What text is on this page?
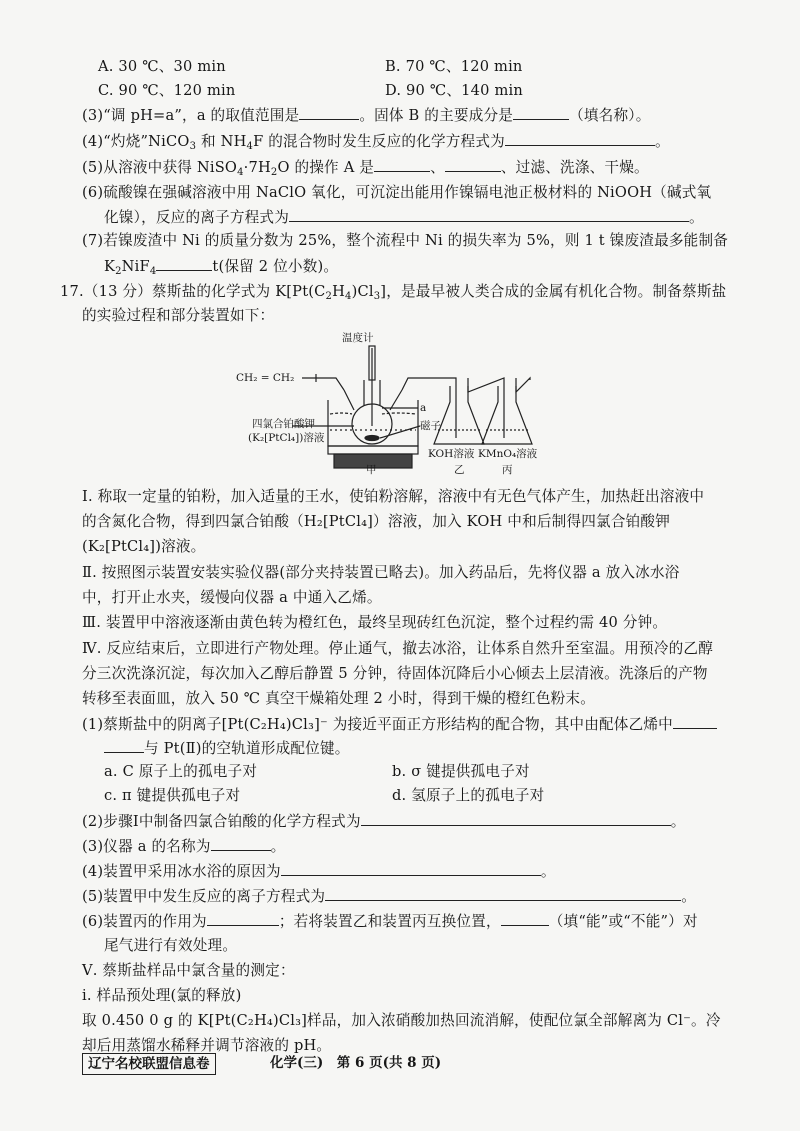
A. 30 ℃、30 min	B. 70 ℃、120 min
C. 90 ℃、120 min	D. 90 ℃、140 min
(3)“调 pH=a”，a 的取值范围是	。固体 B 的主要成分是	（填名称）。
(4)“灼烧”NiCO$_3$ 和 $NH_4F$ 的混合物时发生反应的化学方程式为	。
(5)从溶液中获得 $NiSO_4\cdot 7H_2O$ 的操作 A 是	、	、过滤、洗涤、干燥。
(6)硫酸镍在强碱溶液中用 NaClO 氧化，可沉淀出能用作镍镉电池正极材料的 NiOOH（碱式氧
化镍），反应的离子方程式为	。
(7)若镍废渣中 Ni 的质量分数为 25%，整个流程中 Ni 的损失率为 5%，则 1 t 镍废渣最多能制备
$K_2NiF_4$	t(保留 2 位小数)。
17.（13 分）蔡斯盐的化学式为 $K[Pt(C_2H_4)Cl_3]$，是最早被人类合成的金属有机化合物。制备蔡斯盐
的实验过程和部分装置如下：
温度计
CH₂ = CH₂
四氯合铂酸钾
(K₂[PtCl₄])溶液
a
磁子
KOH溶液 KMnO₄溶液
甲	乙	丙
Ⅰ. 称取一定量的铂粉，加入适量的王水，使铂粉溶解，溶液中有无色气体产生，加热赶出溶液中
的含氮化合物，得到四氯合铂酸（H₂[PtCl₄]）溶液，加入 KOH 中和后制得四氯合铂酸钾
(K₂[PtCl₄])溶液。
Ⅱ. 按照图示装置安装实验仪器(部分夹持装置已略去)。加入药品后，先将仪器 a 放入冰水浴
中，打开止水夹，缓慢向仪器 a 中通入乙烯。
Ⅲ. 装置甲中溶液逐渐由黄色转为橙红色，最终呈现砖红色沉淀，整个过程约需 40 分钟。
Ⅳ. 反应结束后，立即进行产物处理。停止通气，撤去冰浴，让体系自然升至室温。用预冷的乙醇
分三次洗涤沉淀，每次加入乙醇后静置 5 分钟，待固体沉降后小心倾去上层清液。洗涤后的产物
转移至表面皿，放入 50 ℃ 真空干燥箱处理 2 小时，得到干燥的橙红色粉末。
(1)蔡斯盐中的阴离子[Pt(C₂H₄)Cl₃]⁻ 为接近平面正方形结构的配合物，其中由配体乙烯中
与 Pt(Ⅱ)的空轨道形成配位键。
a. C 原子上的孤电子对	b. σ 键提供孤电子对
c. π 键提供孤电子对	d. 氢原子上的孤电子对
(2)步骤Ⅰ中制备四氯合铂酸的化学方程式为	。
(3)仪器 a 的名称为	。
(4)装置甲采用冰水浴的原因为	。
(5)装置甲中发生反应的离子方程式为	。
(6)装置丙的作用为	；若将装置乙和装置丙互换位置，	（填“能”或“不能”）对
尾气进行有效处理。
Ⅴ. 蔡斯盐样品中氯含量的测定：
ⅰ. 样品预处理(氯的释放)
取 0.450 0 g 的 K[Pt(C₂H₄)Cl₃]样品，加入浓硝酸加热回流消解，使配位氯全部解离为 Cl⁻。冷
却后用蒸馏水稀释并调节溶液的 pH。
辽宁名校联盟信息卷	化学(三)　第 6 页(共 8 页)
